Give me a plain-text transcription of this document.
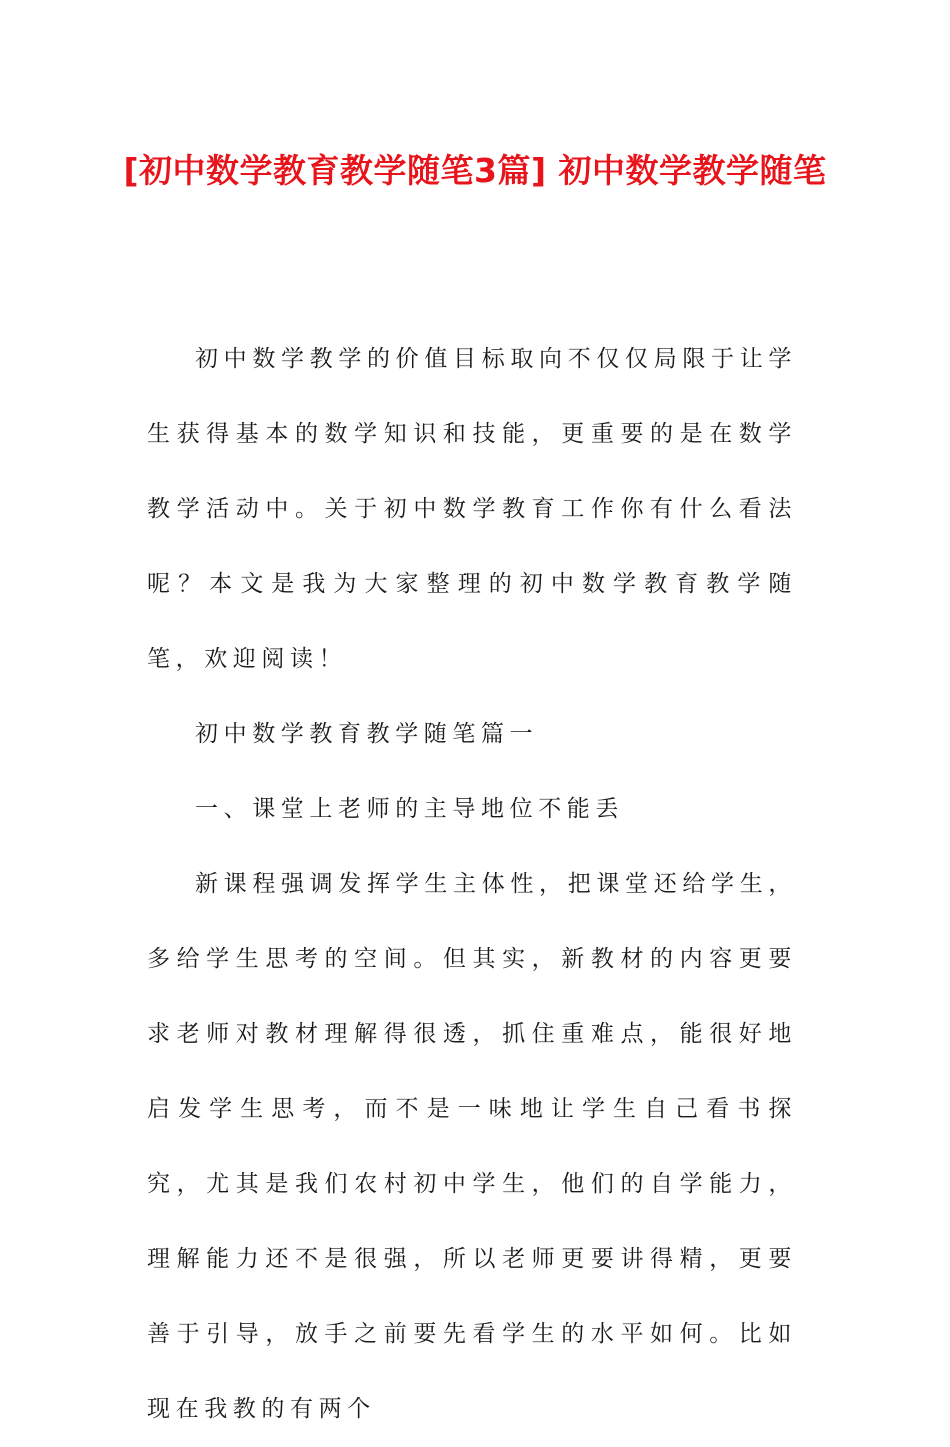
[初中数学教育教学随笔3篇] 初中数学教学随笔

初中数学教学的价值目标取向不仅仅局限于让学生获得基本的数学知识和技能，更重要的是在数学教学活动中。关于初中数学教育工作你有什么看法呢？本文是我为大家整理的初中数学教育教学随笔，欢迎阅读！

初中数学教育教学随笔篇一

一、课堂上老师的主导地位不能丢

新课程强调发挥学生主体性，把课堂还给学生，多给学生思考的空间。但其实，新教材的内容更要求老师对教材理解得很透，抓住重难点，能很好地启发学生思考，而不是一味地让学生自己看书探究，尤其是我们农村初中学生，他们的自学能力，理解能力还不是很强，所以老师更要讲得精，更要善于引导，放手之前要先看学生的水平如何。比如现在我教的有两个
